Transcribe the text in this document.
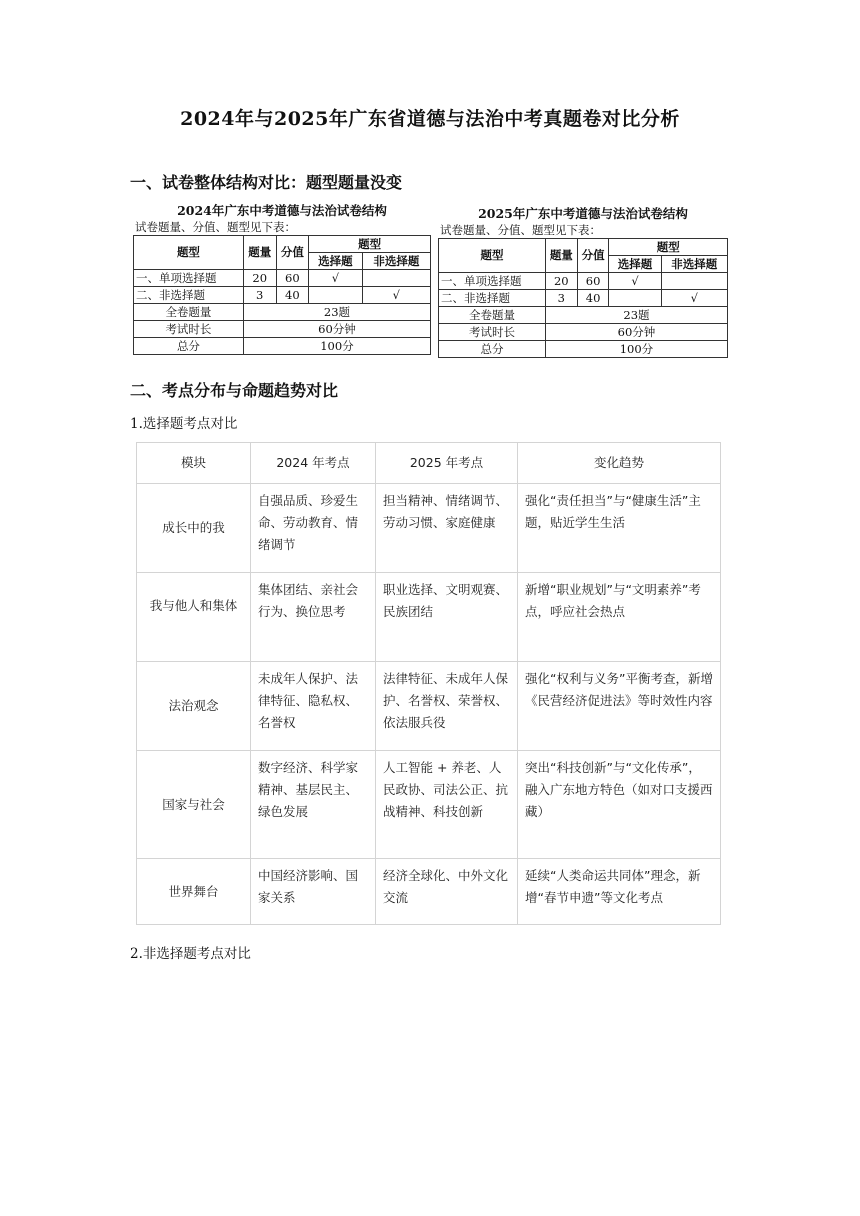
2024年与2025年广东省道德与法治中考真题卷对比分析
一、试卷整体结构对比：题型题量没变
2024年广东中考道德与法治试卷结构
试卷题量、分值、题型见下表：
题型	题量	分值	题型	
			选择题	非选择题
一、单项选择题	20	60	√	
二、非选择题	3	40		√
全卷题量	23题			
考试时长	60分钟			
总分	100分			
2025年广东中考道德与法治试卷结构
试卷题量、分值、题型见下表：
题型	题量	分值	题型	
			选择题	非选择题
一、单项选择题	20	60	√	
二、非选择题	3	40		√
全卷题量	23题			
考试时长	60分钟			
总分	100分			
二、考点分布与命题趋势对比
1.选择题考点对比
模块	2024 年考点	2025 年考点	变化趋势
成长中的我	自强品质、珍爱生命、劳动教育、情绪调节	担当精神、情绪调节、劳动习惯、家庭健康	强化“责任担当”与“健康生活”主题，贴近学生生活
我与他人和集体	集体团结、亲社会行为、换位思考	职业选择、文明观赛、民族团结	新增“职业规划”与“文明素养”考点，呼应社会热点
法治观念	未成年人保护、法律特征、隐私权、名誉权	法律特征、未成年人保护、名誉权、荣誉权、依法服兵役	强化“权利与义务”平衡考查，新增《民营经济促进法》等时效性内容
国家与社会	数字经济、科学家精神、基层民主、绿色发展	人工智能 + 养老、人民政协、司法公正、抗战精神、科技创新	突出“科技创新”与“文化传承”，融入广东地方特色（如对口支援西藏）
世界舞台	中国经济影响、国家关系	经济全球化、中外文化交流	延续“人类命运共同体”理念，新增“春节申遗”等文化考点
2.非选择题考点对比
